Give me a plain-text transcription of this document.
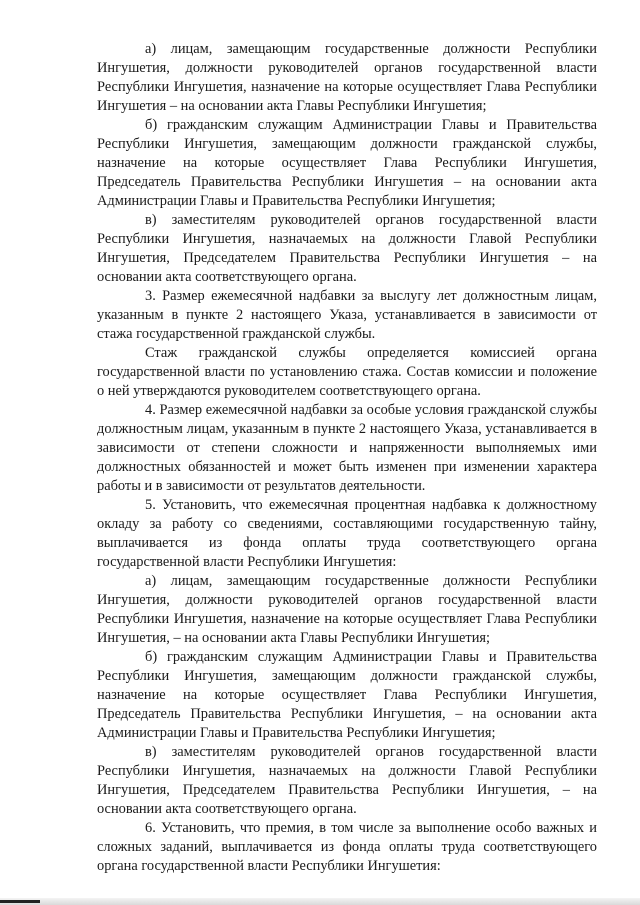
а) лицам, замещающим государственные должности Республики Ингушетия, должности руководителей органов государственной власти Республики Ингушетия, назначение на которые осуществляет Глава Республики Ингушетия – на основании акта Главы Республики Ингушетия;

б) гражданским служащим Администрации Главы и Правительства Республики Ингушетия, замещающим должности гражданской службы, назначение на которые осуществляет Глава Республики Ингушетия, Председатель Правительства Республики Ингушетия – на основании акта Администрации Главы и Правительства Республики Ингушетия;

в) заместителям руководителей органов государственной власти Республики Ингушетия, назначаемых на должности Главой Республики Ингушетия, Председателем Правительства Республики Ингушетия – на основании акта соответствующего органа.

3. Размер ежемесячной надбавки за выслугу лет должностным лицам, указанным в пункте 2 настоящего Указа, устанавливается в зависимости от стажа государственной гражданской службы.

Стаж гражданской службы определяется комиссией органа государственной власти по установлению стажа. Состав комиссии и положение о ней утверждаются руководителем соответствующего органа.

4. Размер ежемесячной надбавки за особые условия гражданской службы должностным лицам, указанным в пункте 2 настоящего Указа, устанавливается в зависимости от степени сложности и напряженности выполняемых ими должностных обязанностей и может быть изменен при изменении характера работы и в зависимости от результатов деятельности.

5. Установить, что ежемесячная процентная надбавка к должностному окладу за работу со сведениями, составляющими государственную тайну, выплачивается из фонда оплаты труда соответствующего органа государственной власти Республики Ингушетия:

а) лицам, замещающим государственные должности Республики Ингушетия, должности руководителей органов государственной власти Республики Ингушетия, назначение на которые осуществляет Глава Республики Ингушетия, – на основании акта Главы Республики Ингушетия;

б) гражданским служащим Администрации Главы и Правительства Республики Ингушетия, замещающим должности гражданской службы, назначение на которые осуществляет Глава Республики Ингушетия, Председатель Правительства Республики Ингушетия, – на основании акта Администрации Главы и Правительства Республики Ингушетия;

в) заместителям руководителей органов государственной власти Республики Ингушетия, назначаемых на должности Главой Республики Ингушетия, Председателем Правительства Республики Ингушетия, – на основании акта соответствующего органа.

6. Установить, что премия, в том числе за выполнение особо важных и сложных заданий, выплачивается из фонда оплаты труда соответствующего органа государственной власти Республики Ингушетия:
